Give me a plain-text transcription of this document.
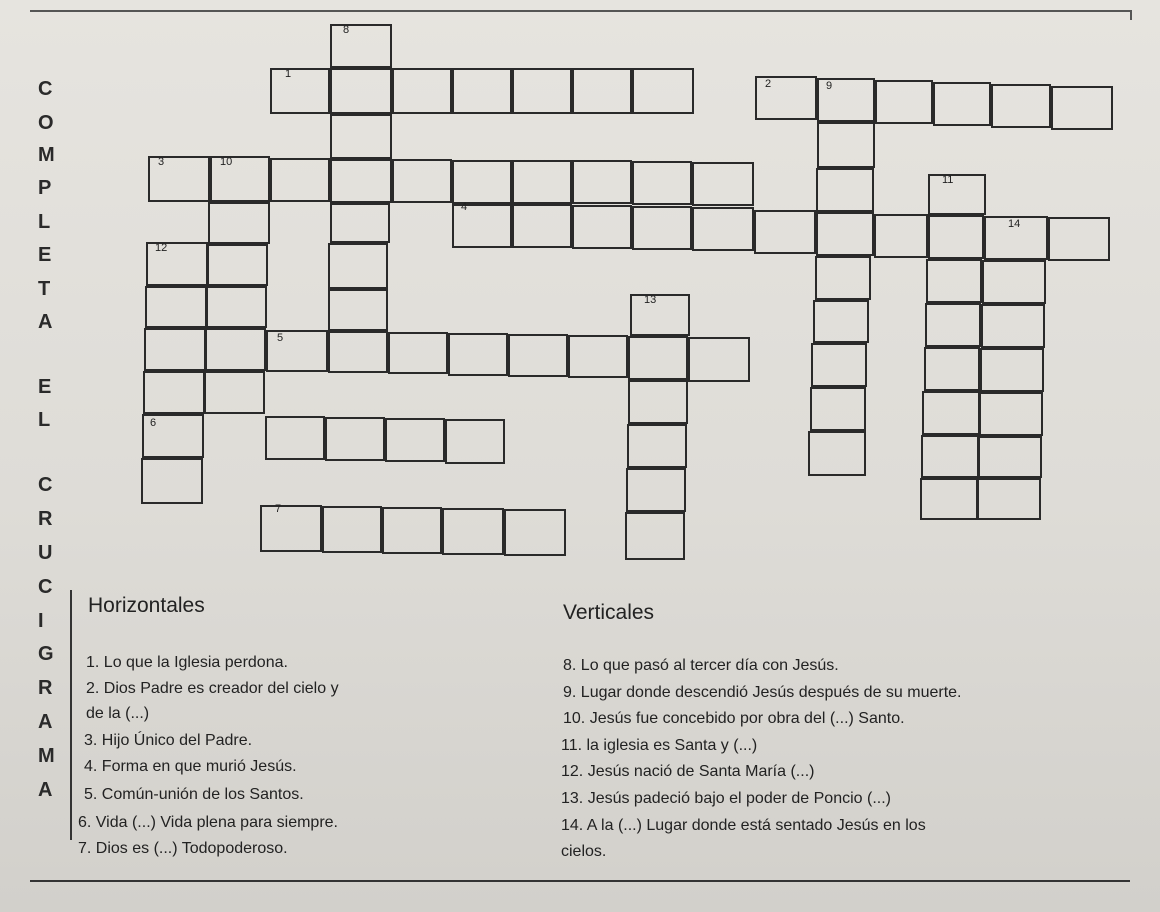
C
O
M
P
L
E
T
A
E
L
C
R
U
C
I
G
R
A
M
A
8
1
2	9
3	10
11
4
14
12
13
5
6
7
Horizontales
1. Lo que la Iglesia perdona.
2. Dios Padre es creador del cielo y
de la (...)
3. Hijo Único del Padre.
4. Forma en que murió Jesús.
5. Común-unión de los Santos.
6. Vida (...) Vida plena para siempre.
7. Dios es (...) Todopoderoso.
Verticales
8. Lo que pasó al tercer día con Jesús.
9. Lugar donde descendió Jesús después de su muerte.
10. Jesús fue concebido por obra del (...) Santo.
11. la iglesia es Santa y (...)
12. Jesús nació de Santa María (...)
13. Jesús padeció bajo el poder de Poncio (...)
14. A la (...) Lugar donde está sentado Jesús en los
cielos.
